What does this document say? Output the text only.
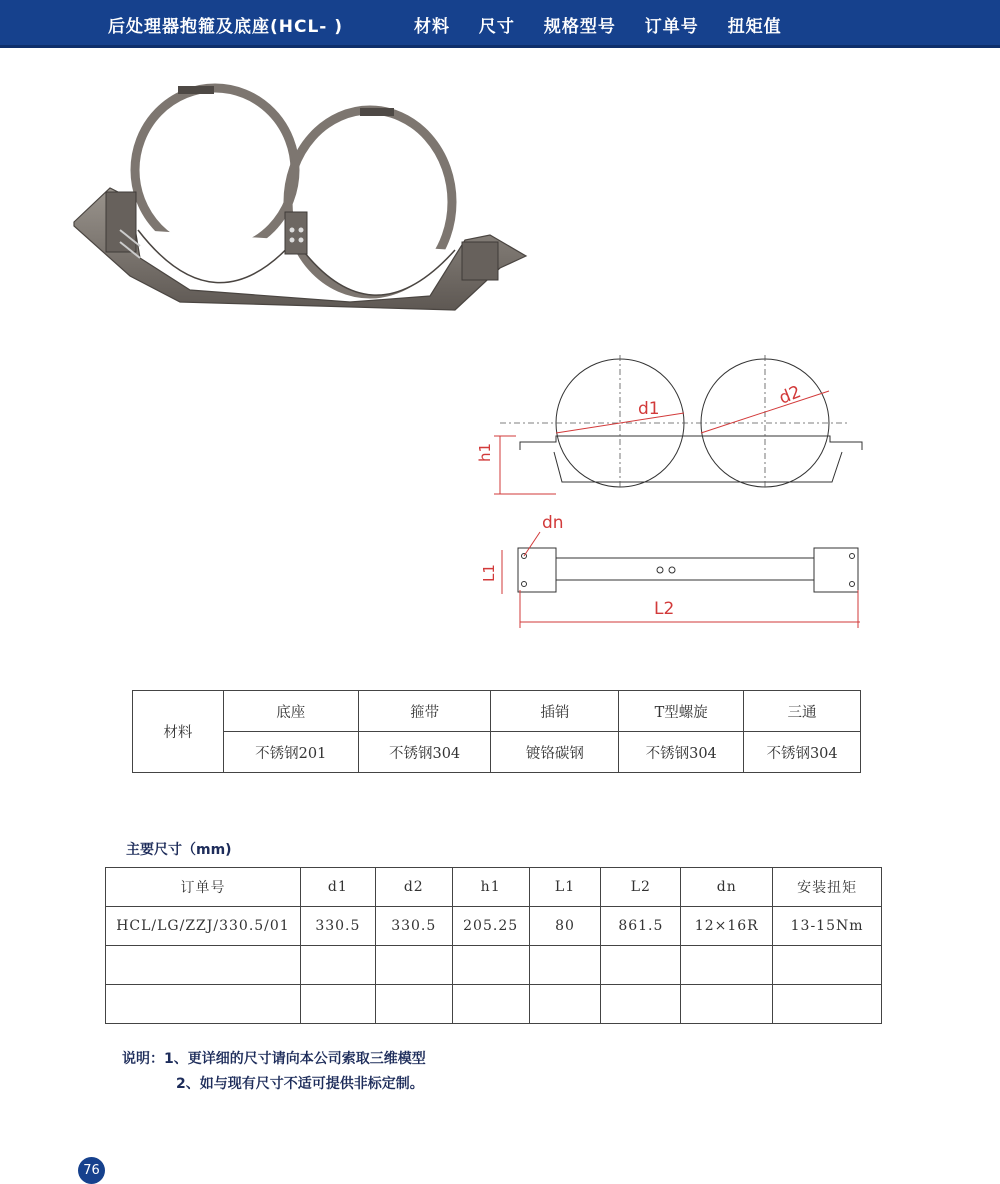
后处理器抱箍及底座(HCL- )	材料 尺寸 规格型号 订单号 扭矩值
d1
d2
h1
dn
L1
L2
材料	底座	箍带	插销	T型螺旋	三通
	不锈钢201	不锈钢304	镀铬碳钢	不锈钢304	不锈钢304
主要尺寸（mm)
订单号	d1	d2	h1	L1	L2	dn	安装扭矩
HCL/LG/ZZJ/330.5/01	330.5	330.5	205.25	80	861.5	12×16R	13-15Nm

说明：1、更详细的尺寸请向本公司索取三维模型
2、如与现有尺寸不适可提供非标定制。
76
